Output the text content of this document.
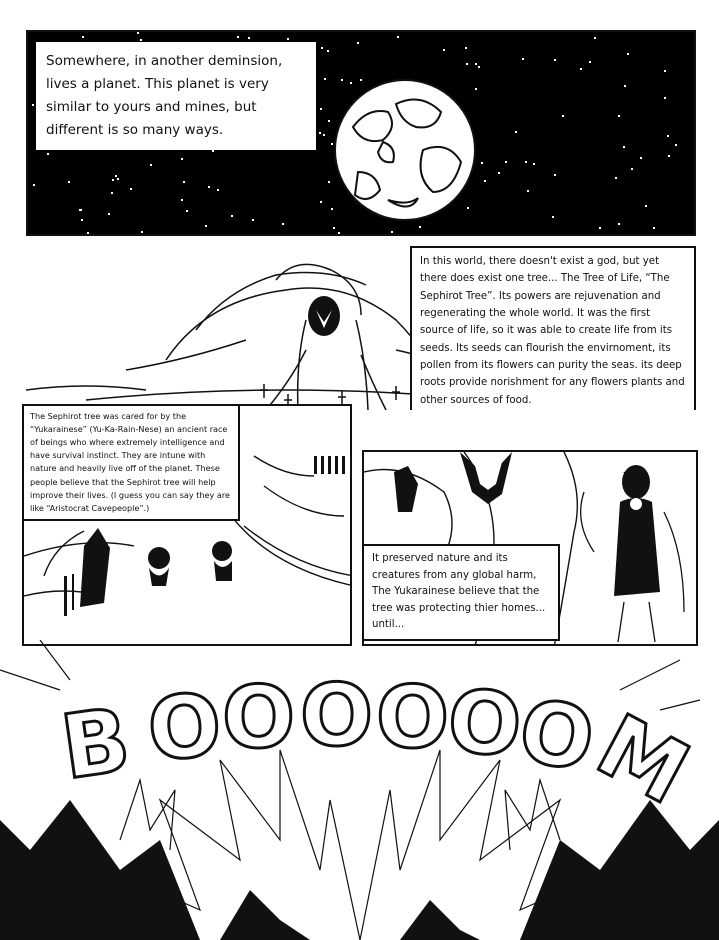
Somewhere, in another deminsion, lives a planet. This planet is very similar to yours and mines, but different is so many ways.
In this world, there doesn't exist a god, but yet there does exist one tree... The Tree of Life, “The Sephirot Tree”. Its powers are rejuvenation and regenerating the whole world. It was the first source of life, so it was able to create life from its seeds. Its seeds can flourish the envirnoment, its pollen from its flowers can purity the seas. its deep roots provide norishment for any flowers plants and other sources of food.
The Sephirot tree was cared for by the “Yukarainese” (Yu-Ka-Rain-Nese) an ancient race of beings who where extremely intelligence and have survival instinct. They are intune with nature and heavily live off of the planet. These people believe that the Sephirot tree will help improve their lives. (I guess you can say they are like “Aristocrat Cavepeople”.)
It preserved nature and its creatures from any global harm, The Yukarainese believe that the tree was protecting thier homes... until...
B O
O O O
O
O
M
